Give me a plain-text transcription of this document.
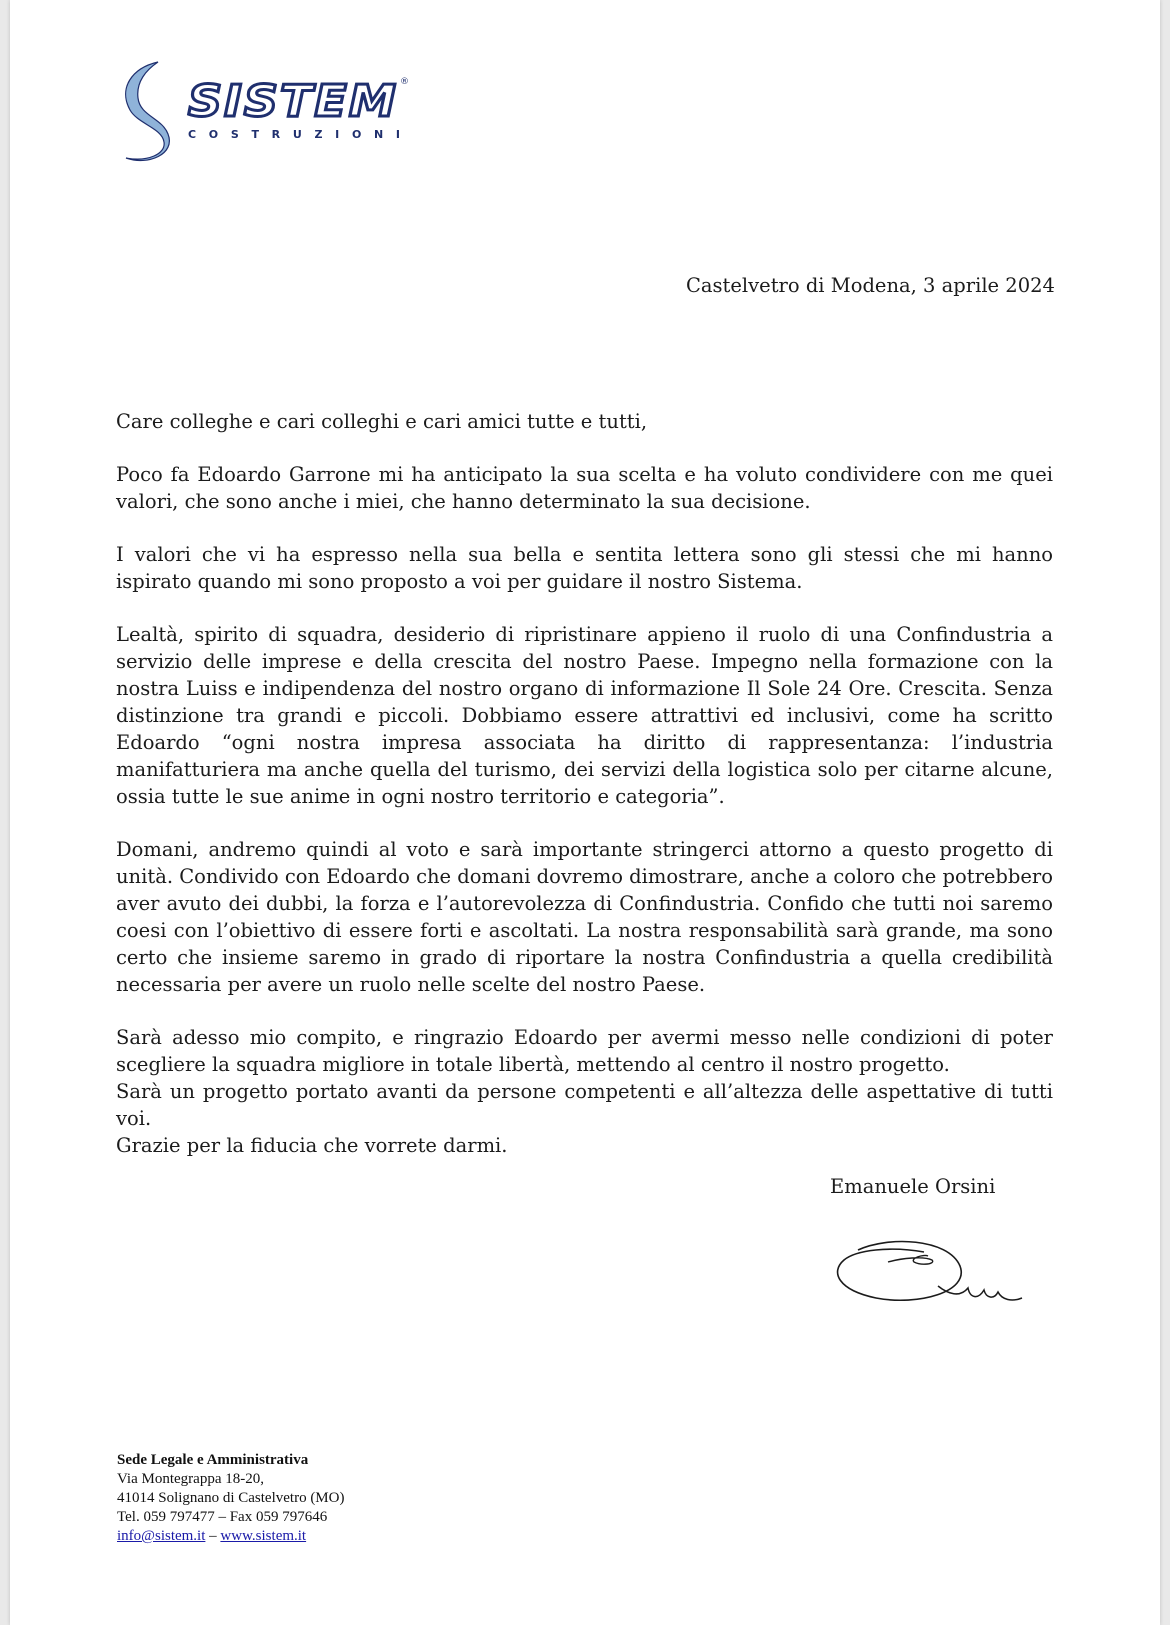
SISTEM ®
COSTRUZIONI
Castelvetro di Modena, 3 aprile 2024

Care colleghe e cari colleghi e cari amici tutte e tutti,

Poco fa Edoardo Garrone mi ha anticipato la sua scelta e ha voluto condividere con me quei valori, che sono anche i miei, che hanno determinato la sua decisione.

I valori che vi ha espresso nella sua bella e sentita lettera sono gli stessi che mi hanno ispirato quando mi sono proposto a voi per guidare il nostro Sistema.

Lealtà, spirito di squadra, desiderio di ripristinare appieno il ruolo di una Confindustria a servizio delle imprese e della crescita del nostro Paese. Impegno nella formazione con la nostra Luiss e indipendenza del nostro organo di informazione Il Sole 24 Ore. Crescita. Senza distinzione tra grandi e piccoli. Dobbiamo essere attrattivi ed inclusivi, come ha scritto Edoardo “ogni nostra impresa associata ha diritto di rappresentanza: l’industria manifatturiera ma anche quella del turismo, dei servizi della logistica solo per citarne alcune, ossia tutte le sue anime in ogni nostro territorio e categoria”.

Domani, andremo quindi al voto e sarà importante stringerci attorno a questo progetto di unità. Condivido con Edoardo che domani dovremo dimostrare, anche a coloro che potrebbero aver avuto dei dubbi, la forza e l’autorevolezza di Confindustria. Confido che tutti noi saremo coesi con l’obiettivo di essere forti e ascoltati. La nostra responsabilità sarà grande, ma sono certo che insieme saremo in grado di riportare la nostra Confindustria a quella credibilità necessaria per avere un ruolo nelle scelte del nostro Paese.

Sarà adesso mio compito, e ringrazio Edoardo per avermi messo nelle condizioni di poter scegliere la squadra migliore in totale libertà, mettendo al centro il nostro progetto.
Sarà un progetto portato avanti da persone competenti e all’altezza delle aspettative di tutti voi.
Grazie per la fiducia che vorrete darmi.

Emanuele Orsini
Sede Legale e Amministrativa
Via Montegrappa 18-20,
41014 Solignano di Castelvetro (MO)
Tel. 059 797477 – Fax 059 797646
info@sistem.it – www.sistem.it
